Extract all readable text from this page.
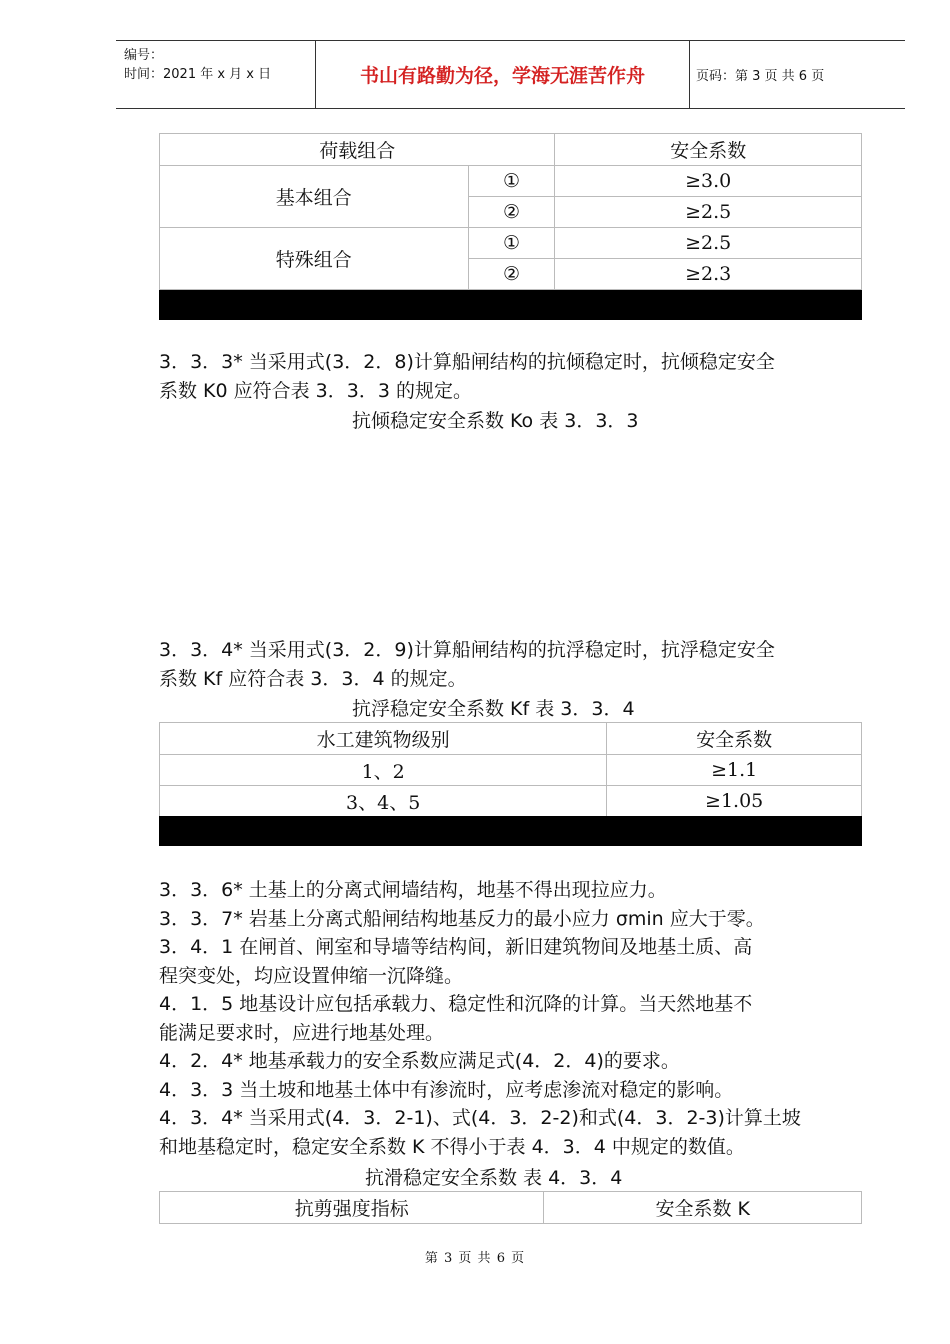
编号：
时间：2021 年 x 月 x 日	书山有路勤为径，学海无涯苦作舟	页码：第 3 页 共 6 页
荷载组合		安全系数
基本组合	①	≥3.0
	②	≥2.5
特殊组合	①	≥2.5
	②	≥2.3
3．3．3* 当采用式(3．2．8)计算船闸结构的抗倾稳定时，抗倾稳定安全
系数 K0 应符合表 3．3．3 的规定。
抗倾稳定安全系数 Ko 表 3．3．3
3．3．4* 当采用式(3．2．9)计算船闸结构的抗浮稳定时，抗浮稳定安全
系数 Kf 应符合表 3．3．4 的规定。
抗浮稳定安全系数 Kf 表 3．3．4
水工建筑物级别	安全系数
1、2	≥1.1
3、4、5	≥1.05
3．3．6* 土基上的分离式闸墙结构，地基不得出现拉应力。
3．3．7* 岩基上分离式船闸结构地基反力的最小应力 σmin 应大于零。
3．4．1 在闸首、闸室和导墙等结构间，新旧建筑物间及地基土质、高
程突变处，均应设置伸缩一沉降缝。
4．1．5 地基设计应包括承载力、稳定性和沉降的计算。当天然地基不
能满足要求时，应进行地基处理。
4．2．4* 地基承载力的安全系数应满足式(4．2．4)的要求。
4．3．3 当土坡和地基土体中有渗流时，应考虑渗流对稳定的影响。
4．3．4* 当采用式(4．3．2-1)、式(4．3．2-2)和式(4．3．2-3)计算土坡
和地基稳定时，稳定安全系数 K 不得小于表 4．3．4 中规定的数值。
抗滑稳定安全系数 表 4．3．4
抗剪强度指标	安全系数 K
第 3 页 共 6 页
